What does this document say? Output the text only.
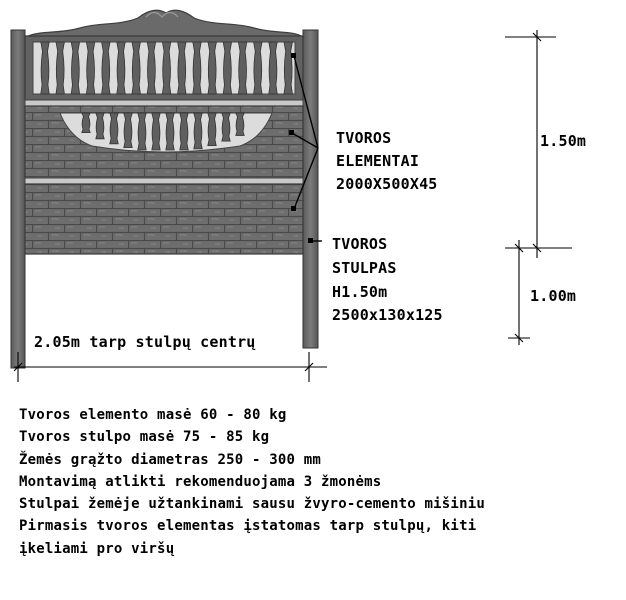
TVOROS
ELEMENTAI
2000X500X45
TVOROS
STULPAS
H1.50m
2500x130x125
1.50m
1.00m
2.05m tarp stulpų centrų
Tvoros elemento masė 60 - 80 kg
Tvoros stulpo masė 75 - 85 kg
Žemės grąžto diametras 250 - 300 mm
Montavimą atlikti rekomenduojama 3 žmonėms
Stulpai žemėje užtankinami sausu žvyro-cemento mišiniu
Pirmasis tvoros elementas įstatomas tarp stulpų, kiti
įkeliami pro viršų
